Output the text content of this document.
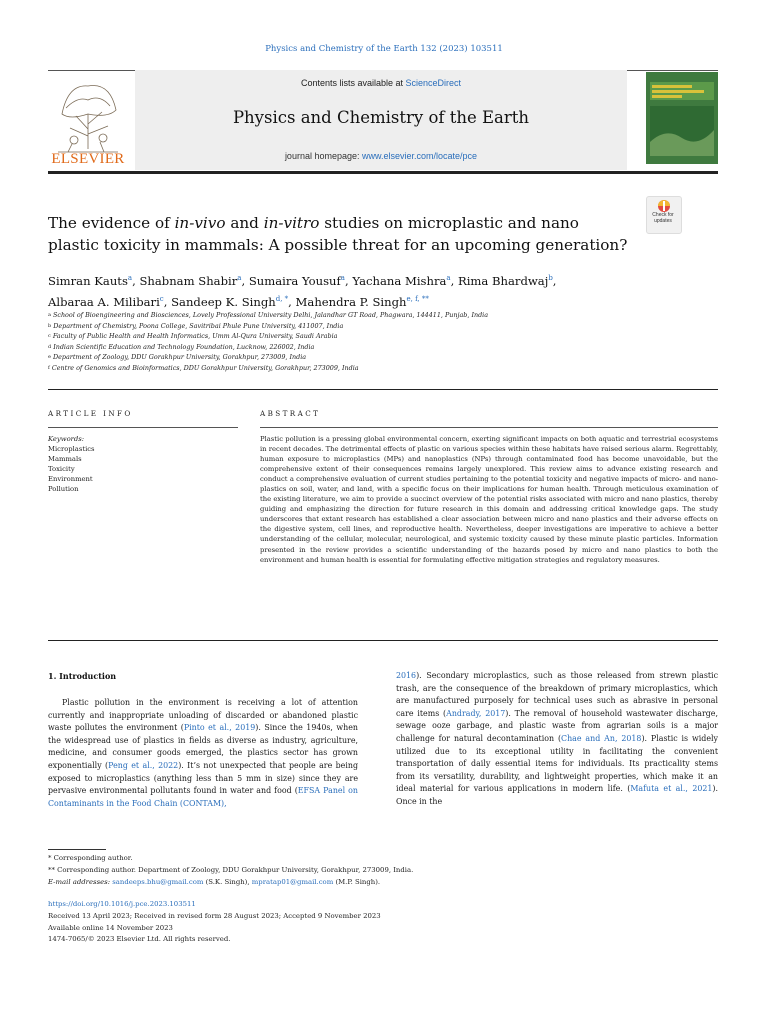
Physics and Chemistry of the Earth 132 (2023) 103511
Contents lists available at ScienceDirect
Physics and Chemistry of the Earth
journal homepage: www.elsevier.com/locate/pce
ELSEVIER
Check for
updates
The evidence of in-vivo and in-vitro studies on microplastic and nano plastic toxicity in mammals: A possible threat for an upcoming generation?
Simran Kauts$^a$, Shabnam Shabir$^a$, Sumaira Yousuf$^a$, Yachana Mishra$^a$, Rima Bhardwaj$^b$,
Albaraa A. Milibari$^c$, Sandeep K. Singh$^{d, *}$, Mahendra P. Singh$^{e, f, **}$
$^a$ School of Bioengineering and Biosciences, Lovely Professional University Delhi, Jalandhar GT Road, Phagwara, 144411, Punjab, India
$^b$ Department of Chemistry, Poona College, Savitribai Phule Pune University, 411007, India
$^c$ Faculty of Public Health and Health Informatics, Umm Al-Qura University, Saudi Arabia
$^d$ Indian Scientific Education and Technology Foundation, Lucknow, 226002, India
$^e$ Department of Zoology, DDU Gorakhpur University, Gorakhpur, 273009, India
$^f$ Centre of Genomics and Bioinformatics, DDU Gorakhpur University, Gorakhpur, 273009, India
ARTICLE INFO	ABSTRACT
Keywords:
Microplastics
Mammals
Toxicity
Environment
Pollution
Plastic pollution is a pressing global environmental concern, exerting significant impacts on both aquatic and terrestrial ecosystems in recent decades. The detrimental effects of plastic on various species within these habitats have raised serious alarm. Regrettably, human exposure to microplastics (MPs) and nanoplastics (NPs) through contaminated food has become unavoidable, but the comprehensive extent of their consequences remains largely unexplored. This review aims to advance existing research and conduct a comprehensive evaluation of current studies pertaining to the potential toxicity and negative impacts of micro- and nano-plastics on soil, water, and land, with a specific focus on their implications for human health. Through meticulous examination of the existing literature, we aim to provide a succinct overview of the potential risks associated with micro and nano plastics, thereby guiding and emphasizing the direction for future research in this domain and addressing critical knowledge gaps. The study underscores that extant research has established a clear association between micro and nano plastics and their adverse effects on the digestive system, cell lines, and reproductive health. Nevertheless, deeper investigations are imperative to achieve a better understanding of the cellular, molecular, neurological, and systemic toxicity caused by these minute plastic particles. Information presented in the review provides a scientific understanding of the hazards posed by micro and nano plastics to both the environment and human health is essential for formulating effective mitigation strategies and regulatory measures.
1. Introduction
Plastic pollution in the environment is receiving a lot of attention currently and inappropriate unloading of discarded or abandoned plastic waste pollutes the environment (Pinto et al., 2019). Since the 1940s, when the widespread use of plastics in fields as diverse as industry, agriculture, medicine, and consumer goods emerged, the plastics sector has grown exponentially (Peng et al., 2022). It’s not unexpected that people are being exposed to microplastics (anything less than 5 mm in size) since they are pervasive environmental pollutants found in water and food (EFSA Panel on Contaminants in the Food Chain (CONTAM),
2016). Secondary microplastics, such as those released from strewn plastic trash, are the consequence of the breakdown of primary microplastics, which are manufactured purposely for technical uses such as abrasive in personal care items (Andrady, 2017). The removal of household wastewater discharge, sewage ooze garbage, and plastic waste from agrarian soils is a major challenge for natural decontamination (Chae and An, 2018). Plastic is widely utilized due to its exceptional utility in facilitating the convenient transportation of daily essential items for individuals. Its practicality stems from its versatility, durability, and lightweight properties, which make it an ideal material for various applications in modern life. (Mafuta et al., 2021). Once in the
* Corresponding author.
** Corresponding author. Department of Zoology, DDU Gorakhpur University, Gorakhpur, 273009, India.
E-mail addresses: sandeeps.bhu@gmail.com (S.K. Singh), mpratap01@gmail.com (M.P. Singh).
https://doi.org/10.1016/j.pce.2023.103511
Received 13 April 2023; Received in revised form 28 August 2023; Accepted 9 November 2023
Available online 14 November 2023
1474-7065/© 2023 Elsevier Ltd. All rights reserved.
